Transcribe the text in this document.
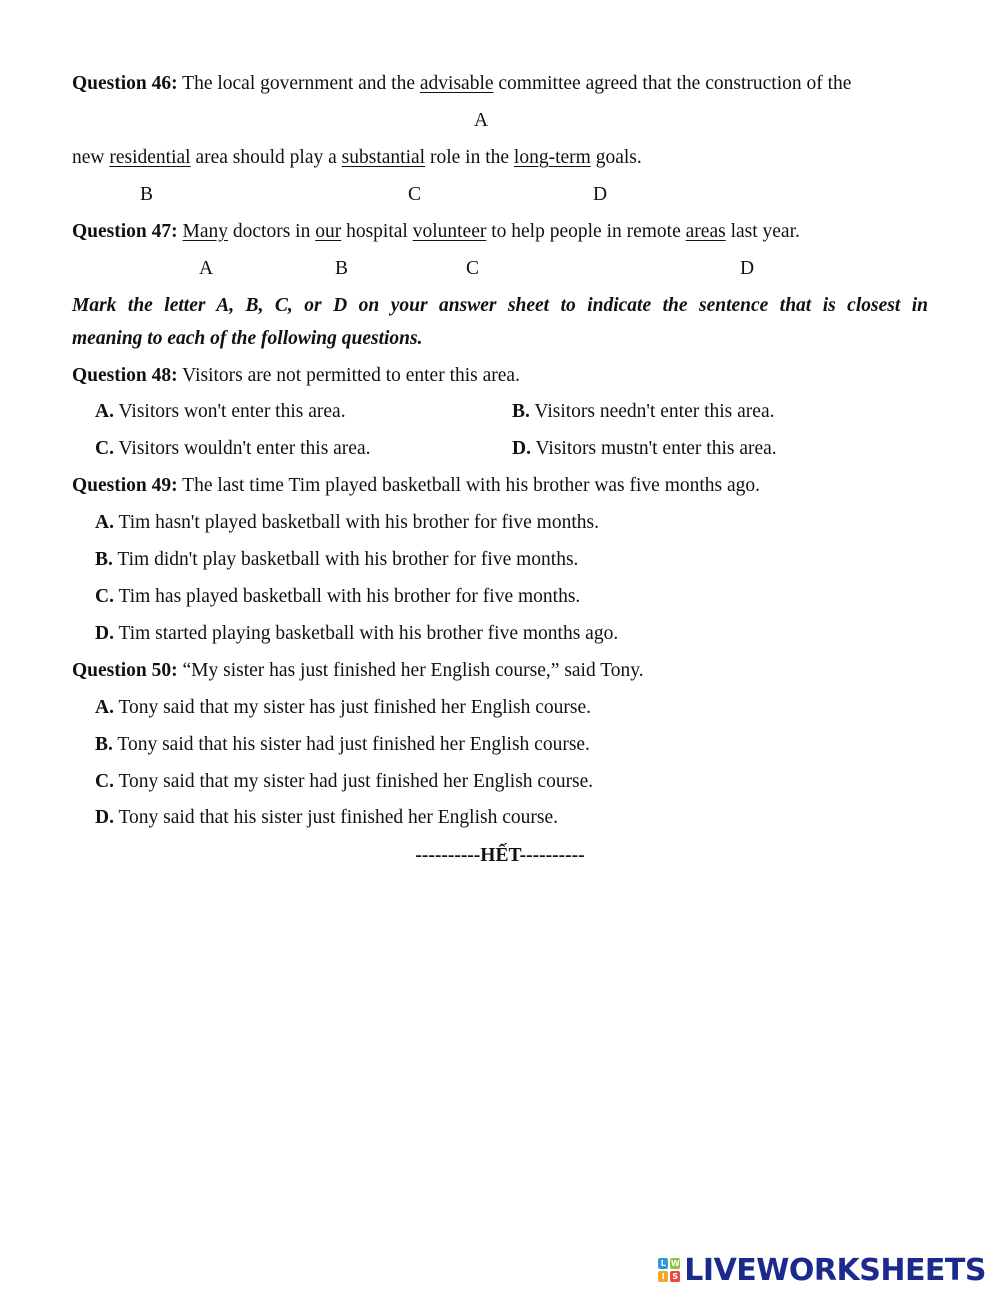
Question 46: The local government and the advisable committee agreed that the construction of the
A
new residential area should play a substantial role in the long-term goals.
B	C	D
Question 47: Many doctors in our hospital volunteer to help people in remote areas last year.
A	B	C	D
Mark the letter A, B, C, or D on your answer sheet to indicate the sentence that is closest in
meaning to each of the following questions.
Question 48: Visitors are not permitted to enter this area.
A. Visitors won't enter this area.	B. Visitors needn't enter this area.
C. Visitors wouldn't enter this area.	D. Visitors mustn't enter this area.
Question 49: The last time Tim played basketball with his brother was five months ago.
A. Tim hasn't played basketball with his brother for five months.
B. Tim didn't play basketball with his brother for five months.
C. Tim has played basketball with his brother for five months.
D. Tim started playing basketball with his brother five months ago.
Question 50: “My sister has just finished her English course,” said Tony.
A. Tony said that my sister has just finished her English course.
B. Tony said that his sister had just finished her English course.
C. Tony said that my sister had just finished her English course.
D. Tony said that his sister just finished her English course.
----------HẾT----------
L W
I S LIVEWORKSHEETS
